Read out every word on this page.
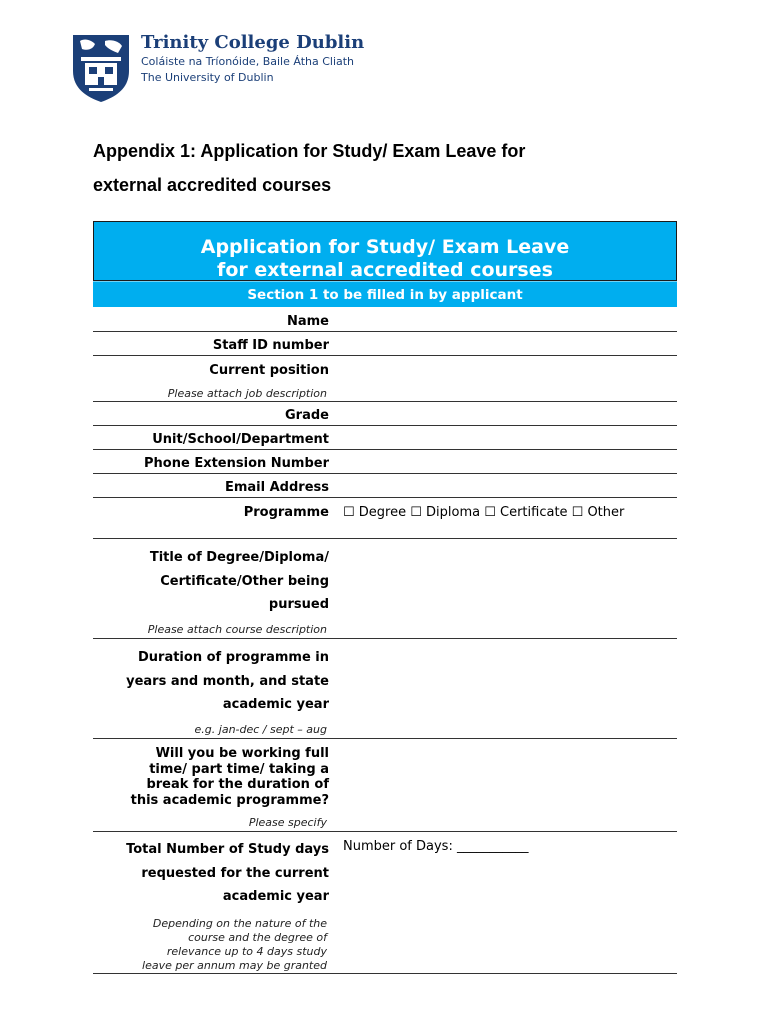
Trinity College Dublin
Coláiste na Tríonóide, Baile Átha Cliath
The University of Dublin
Appendix 1: Application for Study/ Exam Leave for
external accredited courses
Application for Study/ Exam Leave
for external accredited courses
Section 1 to be filled in by applicant
Name
Staff ID number
Current position
Please attach job description
Grade
Unit/School/Department
Phone Extension Number
Email Address
Programme ☐ Degree ☐ Diploma ☐ Certificate ☐ Other
Title of Degree/Diploma/
Certificate/Other being
pursued
Please attach course description
Duration of programme in
years and month, and state
academic year
e.g. jan-dec / sept – aug
Will you be working full
time/ part time/ taking a
break for the duration of
this academic programme?
Please specify
Total Number of Study days
requested for the current
academic year
Number of Days: ___________
Depending on the nature of the
course and the degree of
relevance up to 4 days study
leave per annum may be granted
